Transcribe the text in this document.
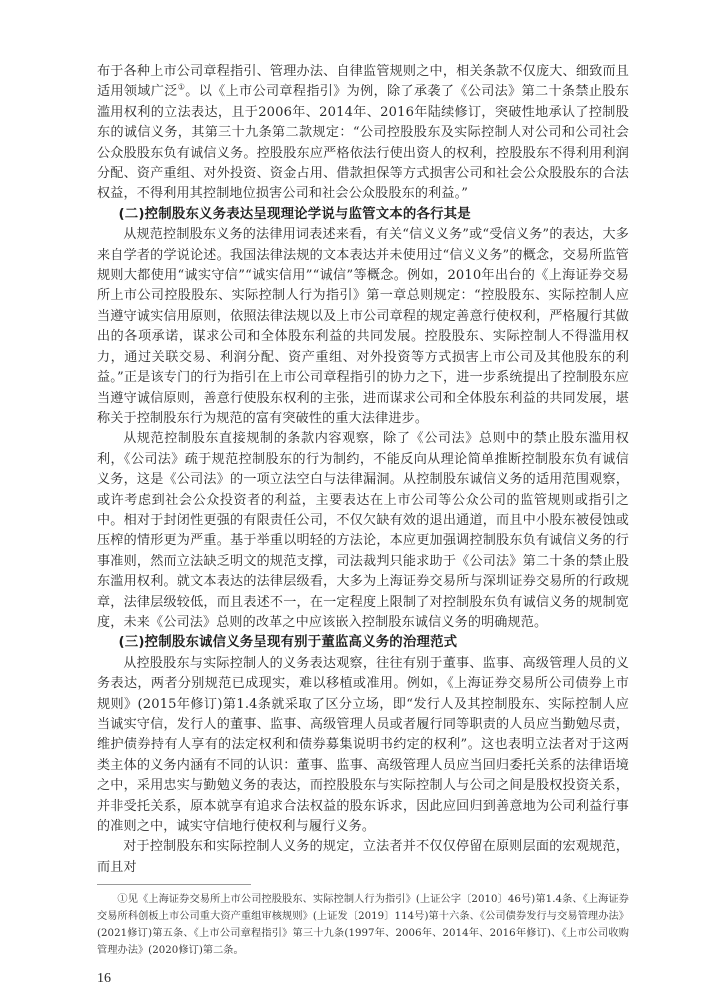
布于各种上市公司章程指引、管理办法、自律监管规则之中，相关条款不仅庞大、细致而且适用领域广泛①。以《上市公司章程指引》为例，除了承袭了《公司法》第二十条禁止股东滥用权利的立法表达，且于2006年、2014年、2016年陆续修订，突破性地承认了控制股东的诚信义务，其第三十九条第二款规定：“公司控股股东及实际控制人对公司和公司社会公众股股东负有诚信义务。控股股东应严格依法行使出资人的权利，控股股东不得利用利润分配、资产重组、对外投资、资金占用、借款担保等方式损害公司和社会公众股股东的合法权益，不得利用其控制地位损害公司和社会公众股股东的利益。”

(二)控制股东义务表达呈现理论学说与监管文本的各行其是

从规范控制股东义务的法律用词表述来看，有关“信义义务”或“受信义务”的表达，大多来自学者的学说论述。我国法律法规的文本表达并未使用过“信义义务”的概念，交易所监管规则大都使用“诚实守信”“诚实信用”“诚信”等概念。例如，2010年出台的《上海证券交易所上市公司控股股东、实际控制人行为指引》第一章总则规定：“控股股东、实际控制人应当遵守诚实信用原则，依照法律法规以及上市公司章程的规定善意行使权利，严格履行其做出的各项承诺，谋求公司和全体股东利益的共同发展。控股股东、实际控制人不得滥用权力，通过关联交易、利润分配、资产重组、对外投资等方式损害上市公司及其他股东的利益。”正是该专门的行为指引在上市公司章程指引的协力之下，进一步系统提出了控制股东应当遵守诚信原则，善意行使股东权利的主张，进而谋求公司和全体股东利益的共同发展，堪称关于控制股东行为规范的富有突破性的重大法律进步。

从规范控制股东直接规制的条款内容观察，除了《公司法》总则中的禁止股东滥用权利，《公司法》疏于规范控制股东的行为制约，不能反向从理论简单推断控制股东负有诚信义务，这是《公司法》的一项立法空白与法律漏洞。从控制股东诚信义务的适用范围观察，或许考虑到社会公众投资者的利益，主要表达在上市公司等公众公司的监管规则或指引之中。相对于封闭性更强的有限责任公司，不仅欠缺有效的退出通道，而且中小股东被侵蚀或压榨的情形更为严重。基于举重以明轻的方法论，本应更加强调控制股东负有诚信义务的行事准则，然而立法缺乏明文的规范支撑，司法裁判只能求助于《公司法》第二十条的禁止股东滥用权利。就文本表达的法律层级看，大多为上海证券交易所与深圳证券交易所的行政规章，法律层级较低，而且表述不一，在一定程度上限制了对控制股东负有诚信义务的规制宽度，未来《公司法》总则的改革之中应该嵌入控制股东诚信义务的明确规范。

(三)控制股东诚信义务呈现有别于董监高义务的治理范式

从控股股东与实际控制人的义务表达观察，往往有别于董事、监事、高级管理人员的义务表达，两者分别规范已成现实，难以移植或准用。例如，《上海证券交易所公司债券上市规则》(2015年修订)第1.4条就采取了区分立场，即“发行人及其控制股东、实际控制人应当诚实守信，发行人的董事、监事、高级管理人员或者履行同等职责的人员应当勤勉尽责，维护债券持有人享有的法定权利和债券募集说明书约定的权利”。这也表明立法者对于这两类主体的义务内涵有不同的认识：董事、监事、高级管理人员应当回归委托关系的法律语境之中，采用忠实与勤勉义务的表达，而控股股东与实际控制人与公司之间是股权投资关系，并非受托关系，原本就享有追求合法权益的股东诉求，因此应回归到善意地为公司利益行事的准则之中，诚实守信地行使权利与履行义务。

对于控制股东和实际控制人义务的规定，立法者并不仅仅停留在原则层面的宏观规范，而且对

①见《上海证券交易所上市公司控股股东、实际控制人行为指引》(上证公字〔2010〕46号)第1.4条、《上海证券交易所科创板上市公司重大资产重组审核规则》(上证发〔2019〕114号)第十六条、《公司债券发行与交易管理办法》(2021修订)第五条、《上市公司章程指引》第三十九条(1997年、2006年、2014年、2016年修订)、《上市公司收购管理办法》(2020修订)第二条。

16
